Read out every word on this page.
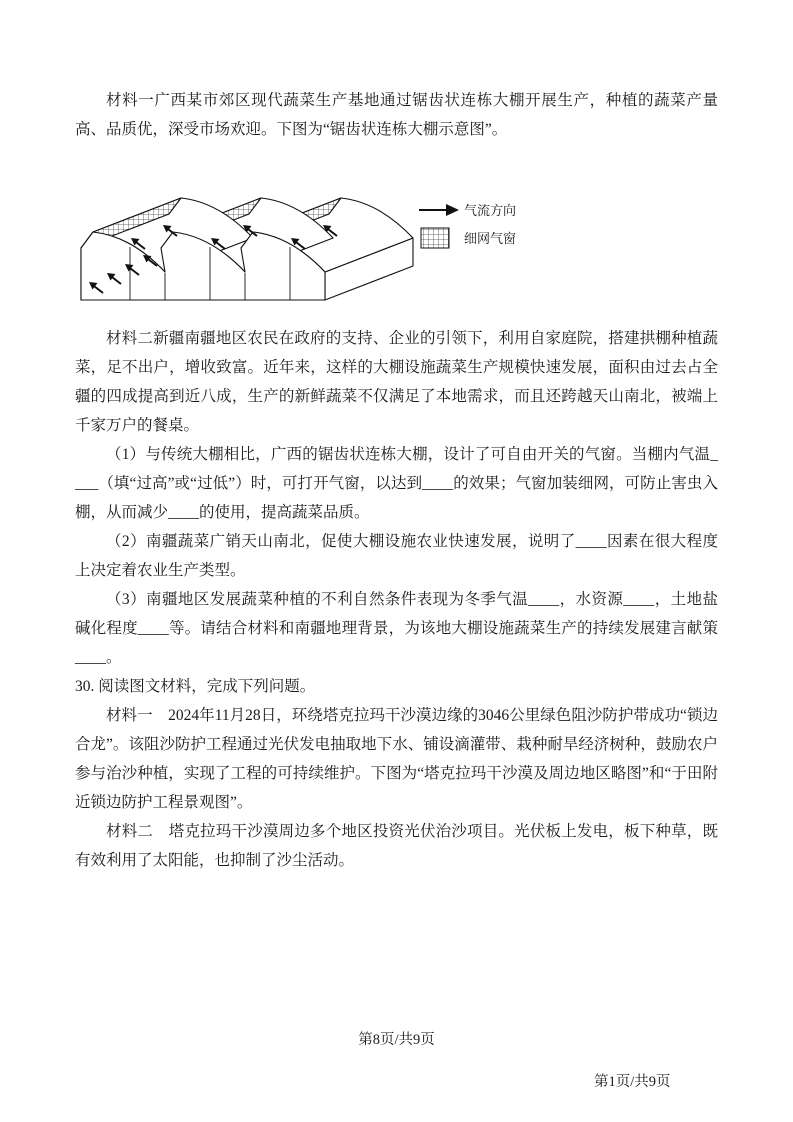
材料一广西某市郊区现代蔬菜生产基地通过锯齿状连栋大棚开展生产，种植的蔬菜产量高、品质优，深受市场欢迎。下图为“锯齿状连栋大棚示意图”。

气流方向
细网气窗

材料二新疆南疆地区农民在政府的支持、企业的引领下，利用自家庭院，搭建拱棚种植蔬菜，足不出户，增收致富。近年来，这样的大棚设施蔬菜生产规模快速发展，面积由过去占全疆的四成提高到近八成，生产的新鲜蔬菜不仅满足了本地需求，而且还跨越天山南北，被端上千家万户的餐桌。

（1）与传统大棚相比，广西的锯齿状连栋大棚，设计了可自由开关的气窗。当棚内气温____（填“过高”或“过低”）时，可打开气窗，以达到____的效果；气窗加装细网，可防止害虫入棚，从而减少____的使用，提高蔬菜品质。

（2）南疆蔬菜广销天山南北，促使大棚设施农业快速发展，说明了____因素在很大程度上决定着农业生产类型。

（3）南疆地区发展蔬菜种植的不利自然条件表现为冬季气温____，水资源____，土地盐碱化程度____等。请结合材料和南疆地理背景，为该地大棚设施蔬菜生产的持续发展建言献策____。

30. 阅读图文材料，完成下列问题。

材料一　2024年11月28日，环绕塔克拉玛干沙漠边缘的3046公里绿色阻沙防护带成功“锁边合龙”。该阻沙防护工程通过光伏发电抽取地下水、铺设滴灌带、栽种耐旱经济树种，鼓励农户参与治沙种植，实现了工程的可持续维护。下图为“塔克拉玛干沙漠及周边地区略图”和“于田附近锁边防护工程景观图”。

材料二　塔克拉玛干沙漠周边多个地区投资光伏治沙项目。光伏板上发电，板下种草，既有效利用了太阳能，也抑制了沙尘活动。

第8页/共9页
第1页/共9页
